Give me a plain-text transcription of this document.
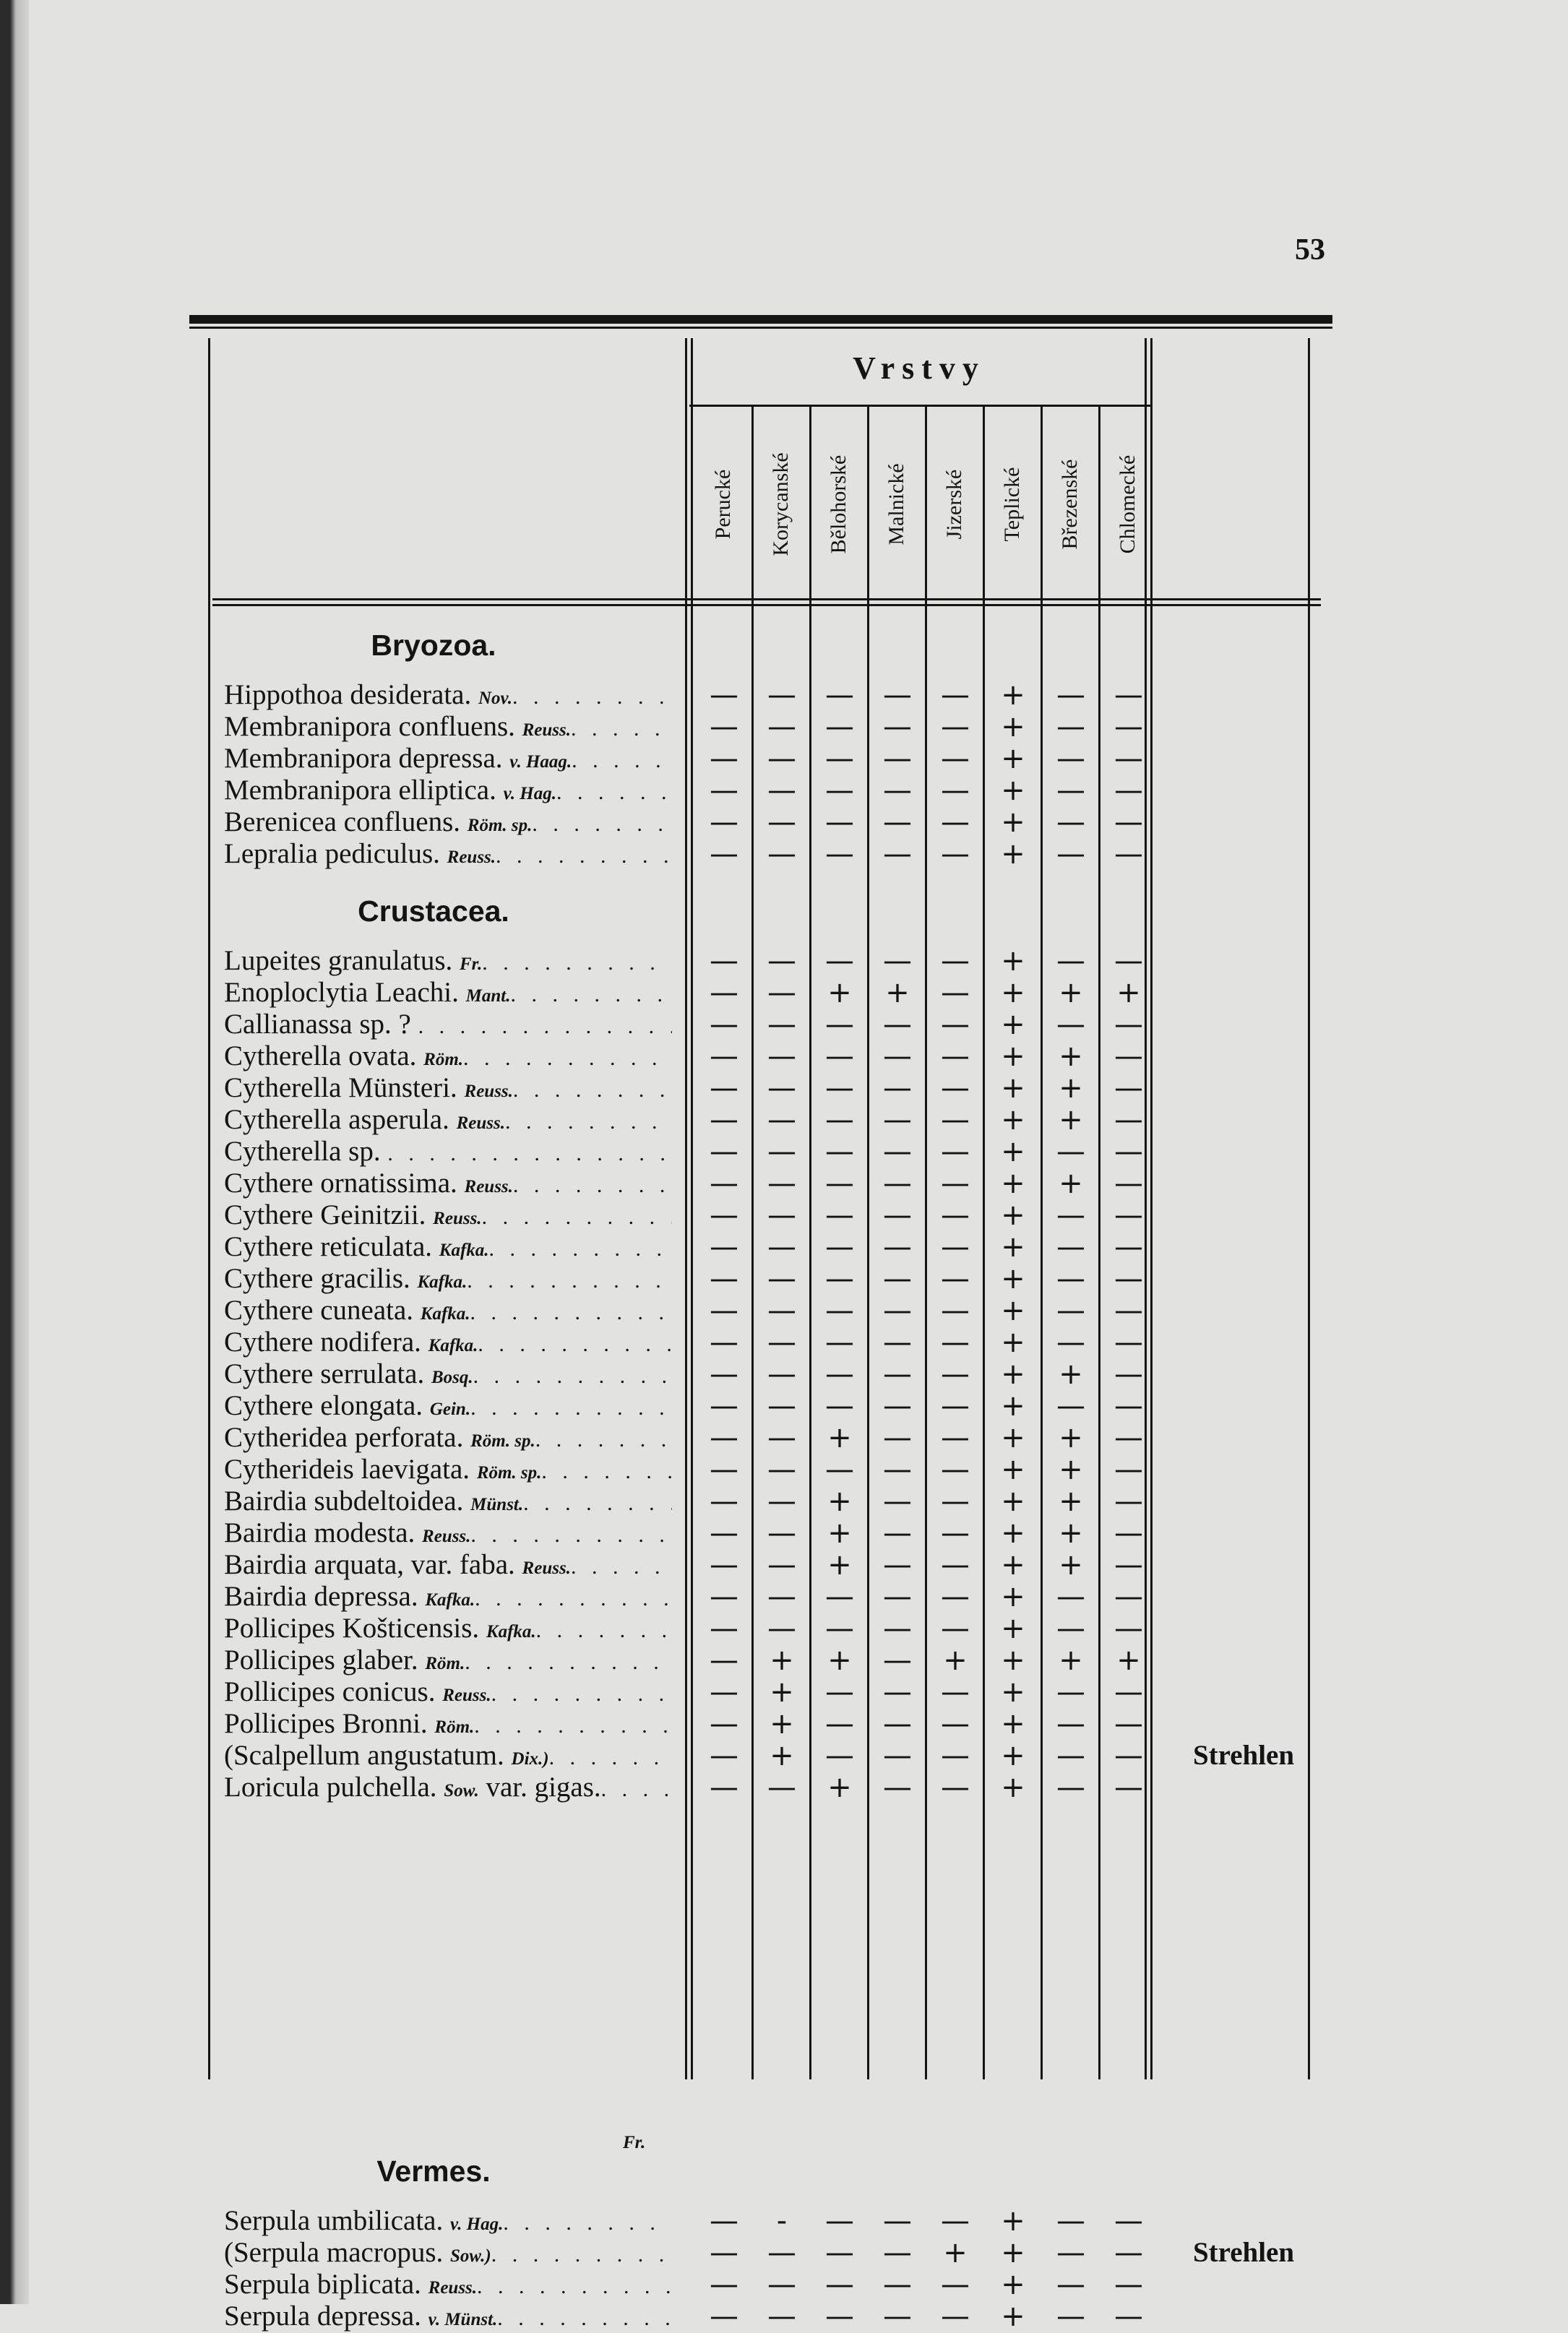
53
Vrstvy
Perucké Korycanské Bělohorské Malnické Jizerské Teplické Březenské Chlomecké
Bryozoa.
Hippothoa desiderata. Nov. . . .	—	—	—	—	—	+	—	—
Membranipora confluens. Reuss. . . .	—	—	—	—	—	+	—	—
Membranipora depressa. v. Haag. . . .	—	—	—	—	—	+	—	—
Membranipora elliptica. v. Hag. . . .	—	—	—	—	—	+	—	—
Berenicea confluens. Röm. sp. . . .	—	—	—	—	—	+	—	—
Lepralia pediculus. Reuss. . . .	—	—	—	—	—	+	—	—
Crustacea.
Lupeites granulatus. Fr. . . .	—	—	—	—	—	+	—	—
Enoploclytia Leachi. Mant. . . .	—	—	+	+	—	+	+	+
Callianassa sp. ? . . .	—	—	—	—	—	+	—	—
Cytherella ovata. Röm. . . .	—	—	—	—	—	+	+	—
Cytherella Münsteri. Reuss. . . .	—	—	—	—	—	+	+	—
Cytherella asperula. Reuss. . . .	—	—	—	—	—	+	+	—
Cytherella sp. . . .	—	—	—	—	—	+	—	—
Cythere ornatissima. Reuss. . . .	—	—	—	—	—	+	+	—
Cythere Geinitzii. Reuss. . . .	—	—	—	—	—	+	—	—
Cythere reticulata. Kafka. . . .	—	—	—	—	—	+	—	—
Cythere gracilis. Kafka. . . .	—	—	—	—	—	+	—	—
Cythere cuneata. Kafka. . . .	—	—	—	—	—	+	—	—
Cythere nodifera. Kafka. . . .	—	—	—	—	—	+	—	—
Cythere serrulata. Bosq. . . .	—	—	—	—	—	+	+	—
Cythere elongata. Gein. . . .	—	—	—	—	—	+	—	—
Cytheridea perforata. Röm. sp. . . .	—	—	+	—	—	+	+	—
Cytherideis laevigata. Röm. sp. . . .	—	—	—	—	—	+	+	—
Bairdia subdeltoidea. Münst. . . .	—	—	+	—	—	+	+	—
Bairdia modesta. Reuss. . . .	—	—	+	—	—	+	+	—
Bairdia arquata, var. faba. Reuss. . . .	—	—	+	—	—	+	+	—
Bairdia depressa. Kafka. . . .	—	—	—	—	—	+	—	—
Pollicipes Košticensis. Kafka. . . .	—	—	—	—	—	+	—	—
Pollicipes glaber. Röm. . . .	—	+	+	—	+	+	+	+
Pollicipes conicus. Reuss. . . .	—	+	—	—	—	+	—	—
Pollicipes Bronni. Röm. . . .	—	+	—	—	—	+	—	—
(Scalpellum angustatum. Dix.) . . .	—	+	—	—	—	+	—	—	Strehlen
Loricula pulchella. Sow. var. gigas. . . .	—	—	+	—	—	+	—	—
Vermes.
Serpula umbilicata. v. Hag. . . .	—	-	—	—	—	+	—	—
(Serpula macropus. Sow.) . . .	—	—	—	—	+	+	—	—	Strehlen
Serpula biplicata. Reuss. . . .	—	—	—	—	—	+	—	—
Serpula depressa. v. Münst. . . .	—	—	—	—	—	+	—	—
Fr.
